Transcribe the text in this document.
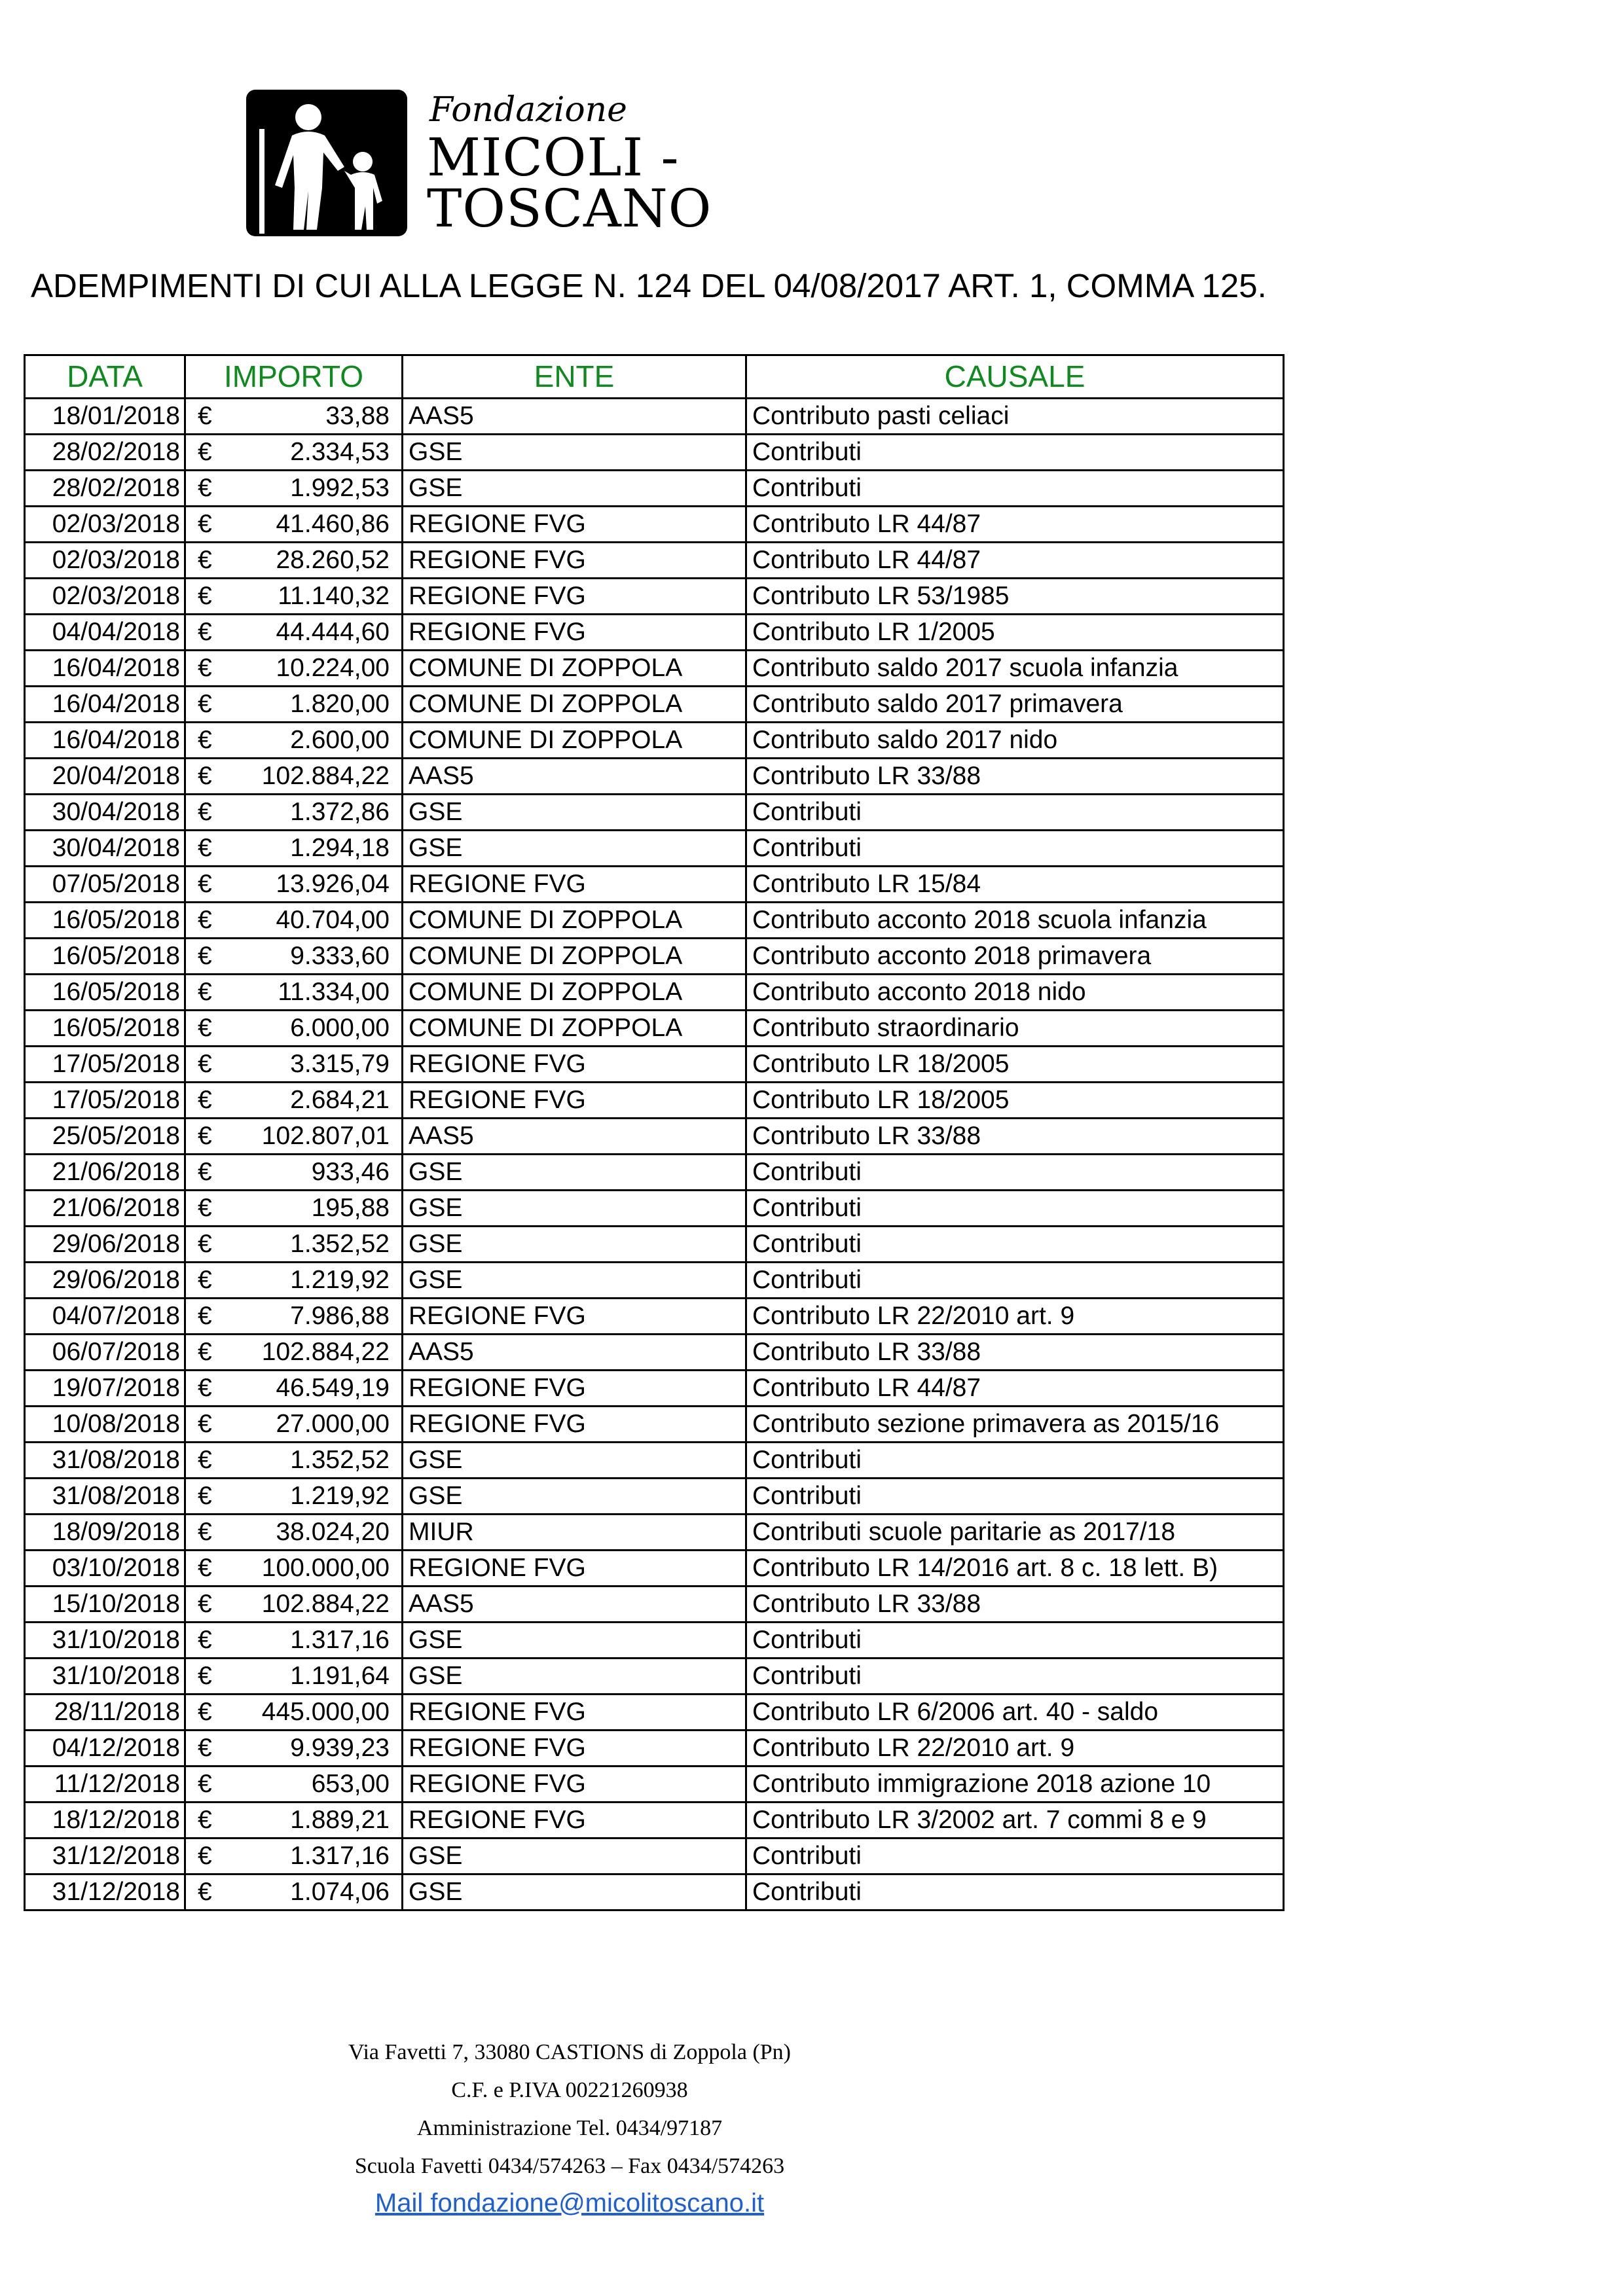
Fondazione
MICOLI -
TOSCANO
ADEMPIMENTI DI CUI ALLA LEGGE N. 124 DEL 04/08/2017 ART. 1, COMMA 125.
DATA	IMPORTO	ENTE	CAUSALE
18/01/2018	€ 33,88	AAS5	Contributo pasti celiaci
28/02/2018	€ 2.334,53	GSE	Contributi
28/02/2018	€ 1.992,53	GSE	Contributi
02/03/2018	€ 41.460,86	REGIONE FVG	Contributo LR 44/87
02/03/2018	€ 28.260,52	REGIONE FVG	Contributo LR 44/87
02/03/2018	€ 11.140,32	REGIONE FVG	Contributo LR 53/1985
04/04/2018	€ 44.444,60	REGIONE FVG	Contributo LR 1/2005
16/04/2018	€ 10.224,00	COMUNE DI ZOPPOLA	Contributo saldo 2017 scuola infanzia
16/04/2018	€ 1.820,00	COMUNE DI ZOPPOLA	Contributo saldo 2017 primavera
16/04/2018	€ 2.600,00	COMUNE DI ZOPPOLA	Contributo saldo 2017 nido
20/04/2018	€ 102.884,22	AAS5	Contributo LR 33/88
30/04/2018	€ 1.372,86	GSE	Contributi
30/04/2018	€ 1.294,18	GSE	Contributi
07/05/2018	€ 13.926,04	REGIONE FVG	Contributo LR 15/84
16/05/2018	€ 40.704,00	COMUNE DI ZOPPOLA	Contributo acconto 2018 scuola infanzia
16/05/2018	€ 9.333,60	COMUNE DI ZOPPOLA	Contributo acconto 2018 primavera
16/05/2018	€ 11.334,00	COMUNE DI ZOPPOLA	Contributo acconto 2018 nido
16/05/2018	€ 6.000,00	COMUNE DI ZOPPOLA	Contributo straordinario
17/05/2018	€ 3.315,79	REGIONE FVG	Contributo LR 18/2005
17/05/2018	€ 2.684,21	REGIONE FVG	Contributo LR 18/2005
25/05/2018	€ 102.807,01	AAS5	Contributo LR 33/88
21/06/2018	€ 933,46	GSE	Contributi
21/06/2018	€ 195,88	GSE	Contributi
29/06/2018	€ 1.352,52	GSE	Contributi
29/06/2018	€ 1.219,92	GSE	Contributi
04/07/2018	€ 7.986,88	REGIONE FVG	Contributo LR 22/2010 art. 9
06/07/2018	€ 102.884,22	AAS5	Contributo LR 33/88
19/07/2018	€ 46.549,19	REGIONE FVG	Contributo LR 44/87
10/08/2018	€ 27.000,00	REGIONE FVG	Contributo sezione primavera as 2015/16
31/08/2018	€ 1.352,52	GSE	Contributi
31/08/2018	€ 1.219,92	GSE	Contributi
18/09/2018	€ 38.024,20	MIUR	Contributi scuole paritarie as 2017/18
03/10/2018	€ 100.000,00	REGIONE FVG	Contributo LR 14/2016 art. 8 c. 18 lett. B)
15/10/2018	€ 102.884,22	AAS5	Contributo LR 33/88
31/10/2018	€ 1.317,16	GSE	Contributi
31/10/2018	€ 1.191,64	GSE	Contributi
28/11/2018	€ 445.000,00	REGIONE FVG	Contributo LR 6/2006 art. 40 - saldo
04/12/2018	€ 9.939,23	REGIONE FVG	Contributo LR 22/2010 art. 9
11/12/2018	€ 653,00	REGIONE FVG	Contributo immigrazione 2018 azione 10
18/12/2018	€ 1.889,21	REGIONE FVG	Contributo LR 3/2002 art. 7 commi 8 e 9
31/12/2018	€ 1.317,16	GSE	Contributi
31/12/2018	€ 1.074,06	GSE	Contributi
Via Favetti 7, 33080 CASTIONS di Zoppola (Pn)
C.F. e P.IVA 00221260938
Amministrazione Tel. 0434/97187
Scuola Favetti 0434/574263 – Fax 0434/574263
Mail fondazione@micolitoscano.it
